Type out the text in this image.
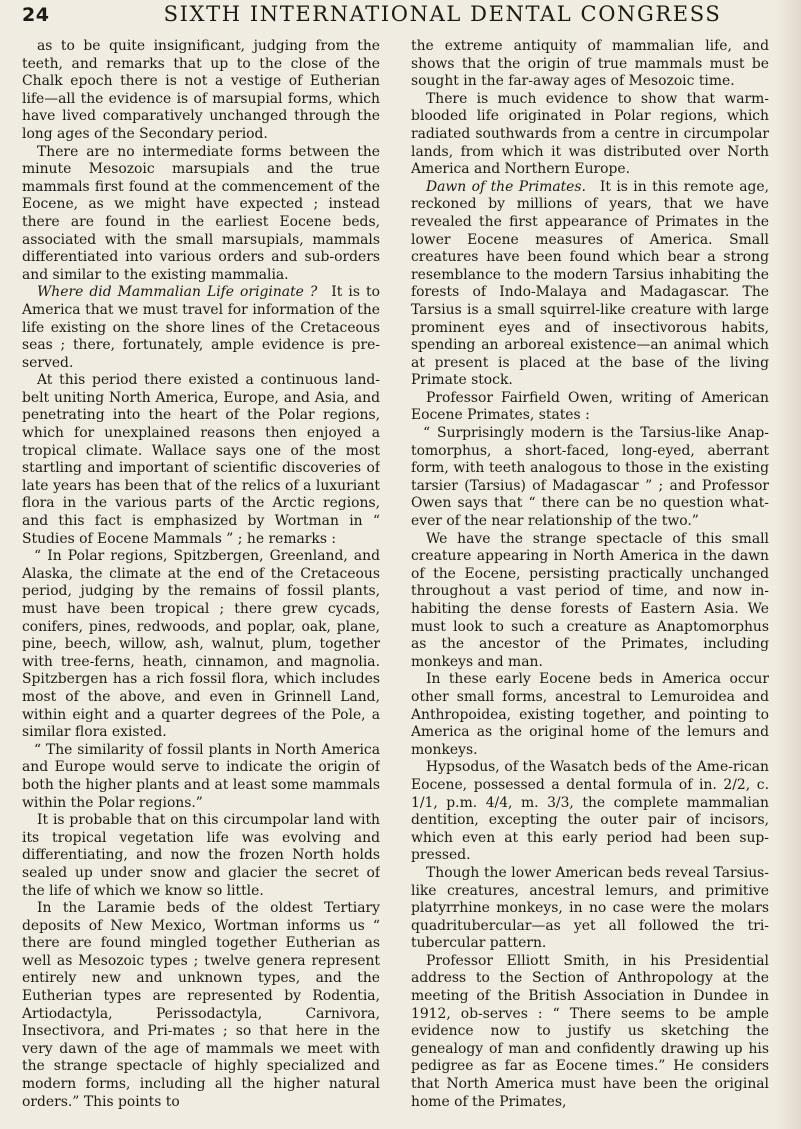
24	SIXTH INTERNATIONAL DENTAL CONGRESS

as to be quite insignificant, judging from the teeth, and remarks that up to the close of the Chalk epoch there is not a vestige of Eutherian life—all the evidence is of marsupial forms, which have lived comparatively unchanged through the long ages of the Secondary period.

There are no intermediate forms between the minute Mesozoic marsupials and the true mammals first found at the commencement of the Eocene, as we might have expected ; instead there are found in the earliest Eocene beds, associated with the small marsupials, mammals differentiated into various orders and sub-orders and similar to the existing mammalia.

Where did Mammalian Life originate ?  It is to America that we must travel for information of the life existing on the shore lines of the Cretaceous seas ; there, fortunately, ample evidence is pre-served.

At this period there existed a continuous land-belt uniting North America, Europe, and Asia, and penetrating into the heart of the Polar regions, which for unexplained reasons then enjoyed a tropical climate. Wallace says one of the most startling and important of scientific discoveries of late years has been that of the relics of a luxuriant flora in the various parts of the Arctic regions, and this fact is emphasized by Wortman in “ Studies of Eocene Mammals ” ; he remarks :

“ In Polar regions, Spitzbergen, Greenland, and Alaska, the climate at the end of the Cretaceous period, judging by the remains of fossil plants, must have been tropical ; there grew cycads, conifers, pines, redwoods, and poplar, oak, plane, pine, beech, willow, ash, walnut, plum, together with tree-ferns, heath, cinnamon, and magnolia. Spitzbergen has a rich fossil flora, which includes most of the above, and even in Grinnell Land, within eight and a quarter degrees of the Pole, a similar flora existed.

“ The similarity of fossil plants in North America and Europe would serve to indicate the origin of both the higher plants and at least some mammals within the Polar regions.”

It is probable that on this circumpolar land with its tropical vegetation life was evolving and differentiating, and now the frozen North holds sealed up under snow and glacier the secret of the life of which we know so little.

In the Laramie beds of the oldest Tertiary deposits of New Mexico, Wortman informs us “ there are found mingled together Eutherian as well as Mesozoic types ; twelve genera represent entirely new and unknown types, and the Eutherian types are represented by Rodentia, Artiodactyla, Perissodactyla, Carnivora, Insectivora, and Pri-mates ; so that here in the very dawn of the age of mammals we meet with the strange spectacle of highly specialized and modern forms, including all the higher natural orders.” This points to

the extreme antiquity of mammalian life, and shows that the origin of true mammals must be sought in the far-away ages of Mesozoic time.

There is much evidence to show that warm-blooded life originated in Polar regions, which radiated southwards from a centre in circumpolar lands, from which it was distributed over North America and Northern Europe.

Dawn of the Primates.  It is in this remote age, reckoned by millions of years, that we have revealed the first appearance of Primates in the lower Eocene measures of America. Small creatures have been found which bear a strong resemblance to the modern Tarsius inhabiting the forests of Indo-Malaya and Madagascar. The Tarsius is a small squirrel-like creature with large prominent eyes and of insectivorous habits, spending an arboreal existence—an animal which at present is placed at the base of the living Primate stock.

Professor Fairfield Owen, writing of American Eocene Primates, states :

“ Surprisingly modern is the Tarsius-like Anap-tomorphus, a short-faced, long-eyed, aberrant form, with teeth analogous to those in the existing tarsier (Tarsius) of Madagascar ” ; and Professor Owen says that “ there can be no question what-ever of the near relationship of the two.”

We have the strange spectacle of this small creature appearing in North America in the dawn of the Eocene, persisting practically unchanged throughout a vast period of time, and now in-habiting the dense forests of Eastern Asia. We must look to such a creature as Anaptomorphus as the ancestor of the Primates, including monkeys and man.

In these early Eocene beds in America occur other small forms, ancestral to Lemuroidea and Anthropoidea, existing together, and pointing to America as the original home of the lemurs and monkeys.

Hypsodus, of the Wasatch beds of the Ame-rican Eocene, possessed a dental formula of in. 2/2, c. 1/1, p.m. 4/4, m. 3/3, the complete mammalian dentition, excepting the outer pair of incisors, which even at this early period had been sup-pressed.

Though the lower American beds reveal Tarsius-like creatures, ancestral lemurs, and primitive platyrrhine monkeys, in no case were the molars quadritubercular—as yet all followed the tri-tubercular pattern.

Professor Elliott Smith, in his Presidential address to the Section of Anthropology at the meeting of the British Association in Dundee in 1912, ob-serves : “ There seems to be ample evidence now to justify us sketching the genealogy of man and confidently drawing up his pedigree as far as Eocene times.” He considers that North America must have been the original home of the Primates,
